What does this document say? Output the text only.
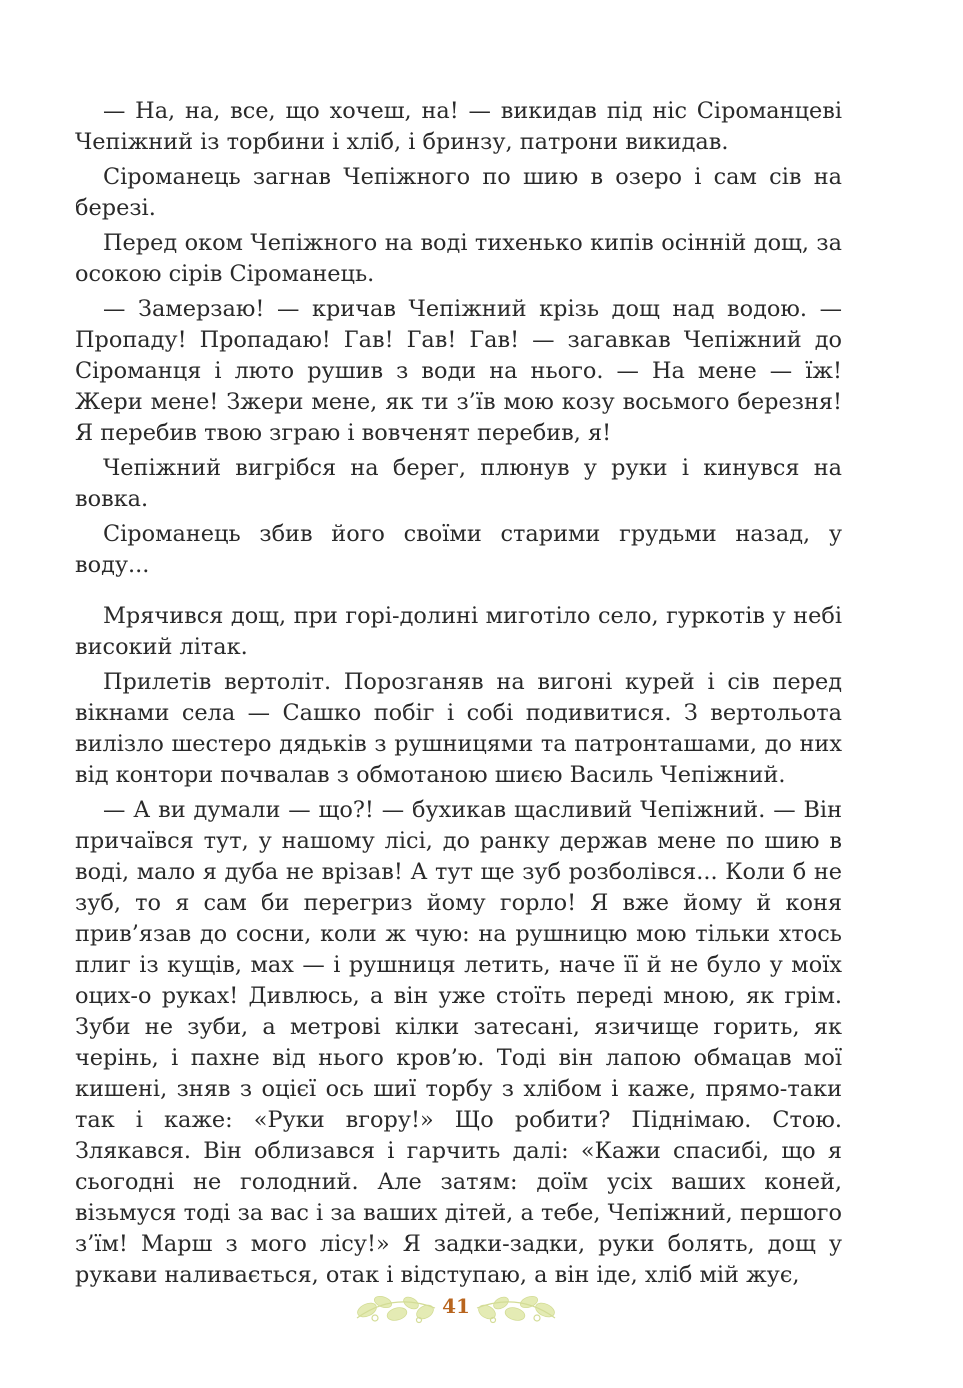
— На, на, все, що хочеш, на! — викидав під ніс Сіроманцеві Чепіжний із торбини і хліб, і бринзу, патрони викидав.

Сіроманець загнав Чепіжного по шию в озеро і сам сів на березі.

Перед оком Чепіжного на воді тихенько кипів осінній дощ, за осокою сірів Сіроманець.

— Замерзаю! — кричав Чепіжний крізь дощ над водою. — Пропаду! Пропадаю! Гав! Гав! Гав! — загавкав Чепіжний до Сіроманця і люто рушив з води на нього. — На мене — їж! Жери мене! Зжери мене, як ти з’їв мою козу восьмого березня! Я перебив твою зграю і вовченят перебив, я!

Чепіжний вигрібся на берег, плюнув у руки і кинувся на вовка.

Сіроманець збив його своїми старими грудьми назад, у воду...

Мрячився дощ, при горі-долині миготіло село, гуркотів у небі високий літак.

Прилетів вертоліт. Порозганяв на вигоні курей і сів перед вікнами села — Сашко побіг і собі подивитися. З вертольота вилізло шестеро дядьків з рушницями та патронташами, до них від контори почвалав з обмотаною шиєю Василь Чепіжний.

— А ви думали — що?! — бухикав щасливий Чепіжний. — Він причаївся тут, у нашому лісі, до ранку держав мене по шию в воді, мало я дуба не врізав! А тут ще зуб розболівся... Коли б не зуб, то я сам би перегриз йому горло! Я вже йому й коня прив’язав до сосни, коли ж чую: на рушницю мою тільки хтось плиг із кущів, мах — і рушниця летить, наче її й не було у моїх оцих-о руках! Дивлюсь, а він уже стоїть переді мною, як грім. Зуби не зуби, а метрові кілки затесані, язичище горить, як черінь, і пахне від нього кров’ю. Тоді він лапою обмацав мої кишені, зняв з оцієї ось шиї торбу з хлібом і каже, прямо-таки так і каже: «Руки вгору!» Що робити? Піднімаю. Стою. Злякався. Він облизався і гарчить далі: «Кажи спасибі, що я сьогодні не голодний. Але затям: доїм усіх ваших коней, візьмуся тоді за вас і за ваших дітей, а тебе, Чепіжний, першого з’їм! Марш з мого лісу!» Я задки-задки, руки болять, дощ у рукави наливається, отак і відступаю, а він іде, хліб мій жує,

41
